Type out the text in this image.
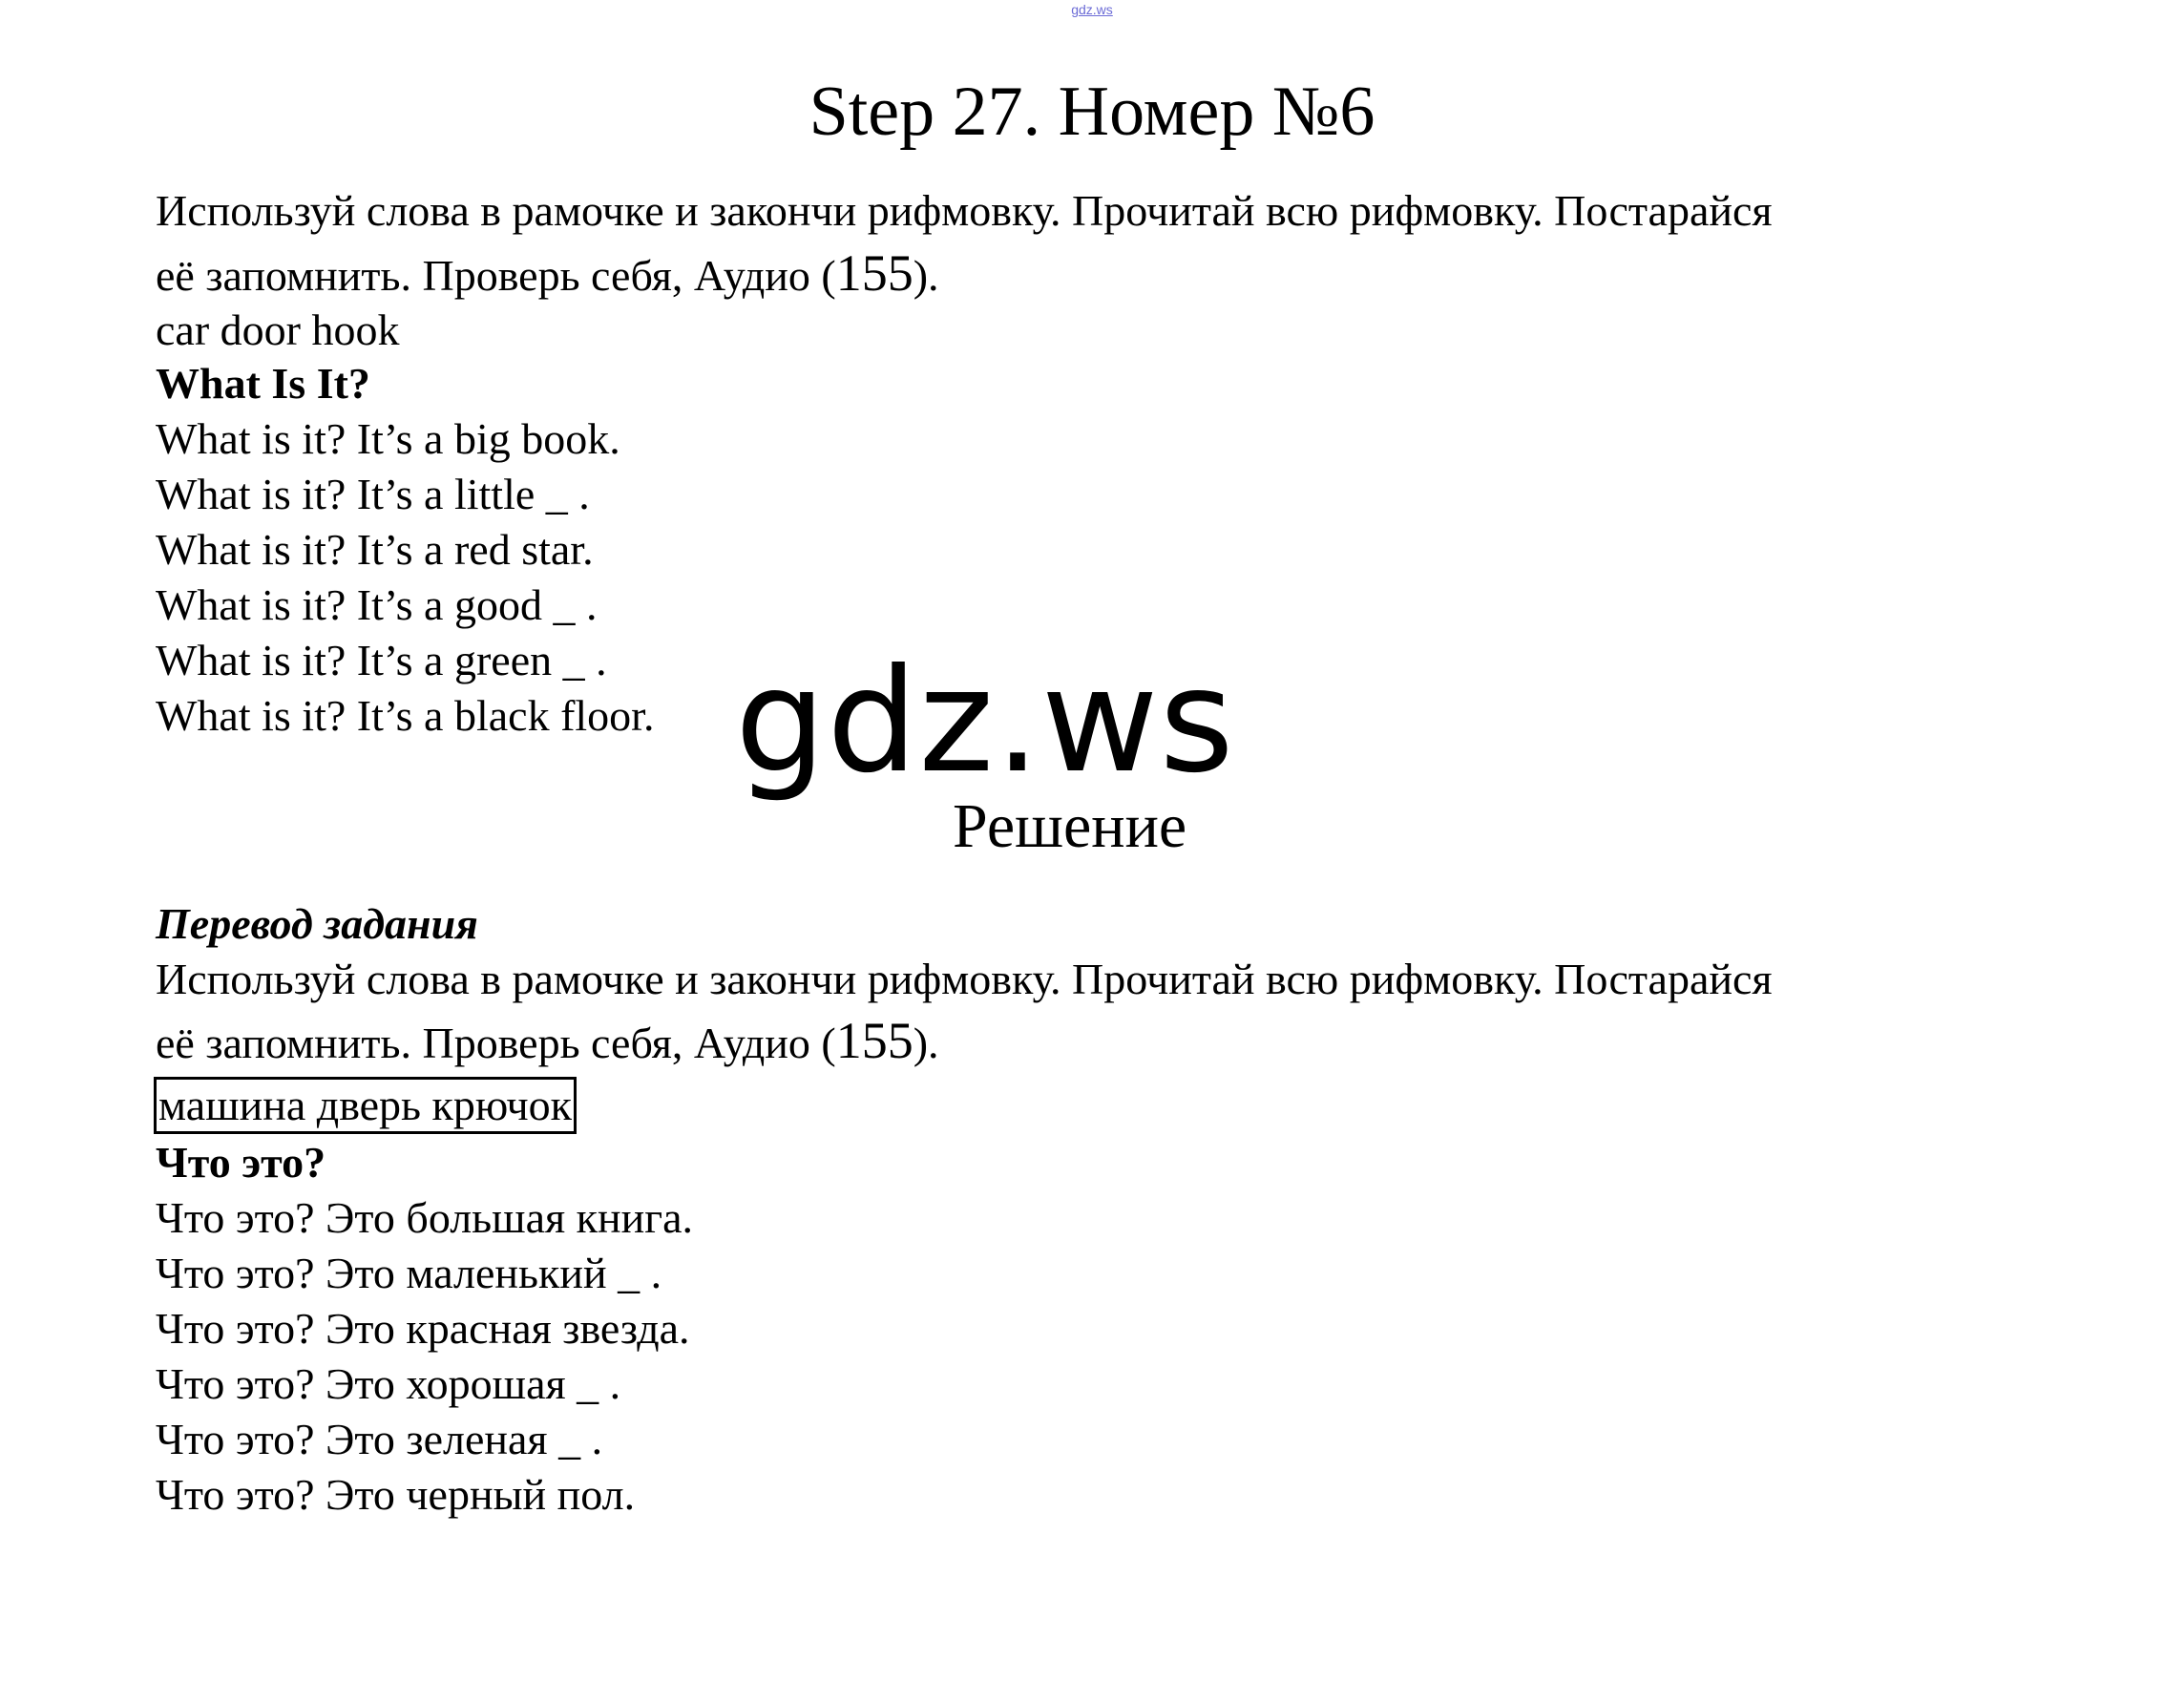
gdz.ws
Step 27. Номер №6
Используй слова в рамочке и закончи рифмовку. Прочитай всю рифмовку. Постарайся
её запомнить. Проверь себя, Аудио (155).
car door hook
What Is It?
What is it? It’s a big book.
What is it? It’s a little _ .
What is it? It’s a red star.
What is it? It’s a good _ .
What is it? It’s a green _ .
What is it? It’s a black floor. gdz.ws
Решение
Перевод задания
Используй слова в рамочке и закончи рифмовку. Прочитай всю рифмовку. Постарайся
её запомнить. Проверь себя, Аудио (155).
машина дверь крючок
Что это?
Что это? Это большая книга.
Что это? Это маленький _ .
Что это? Это красная звезда.
Что это? Это хорошая _ .
Что это? Это зеленая _ .
Что это? Это черный пол.
